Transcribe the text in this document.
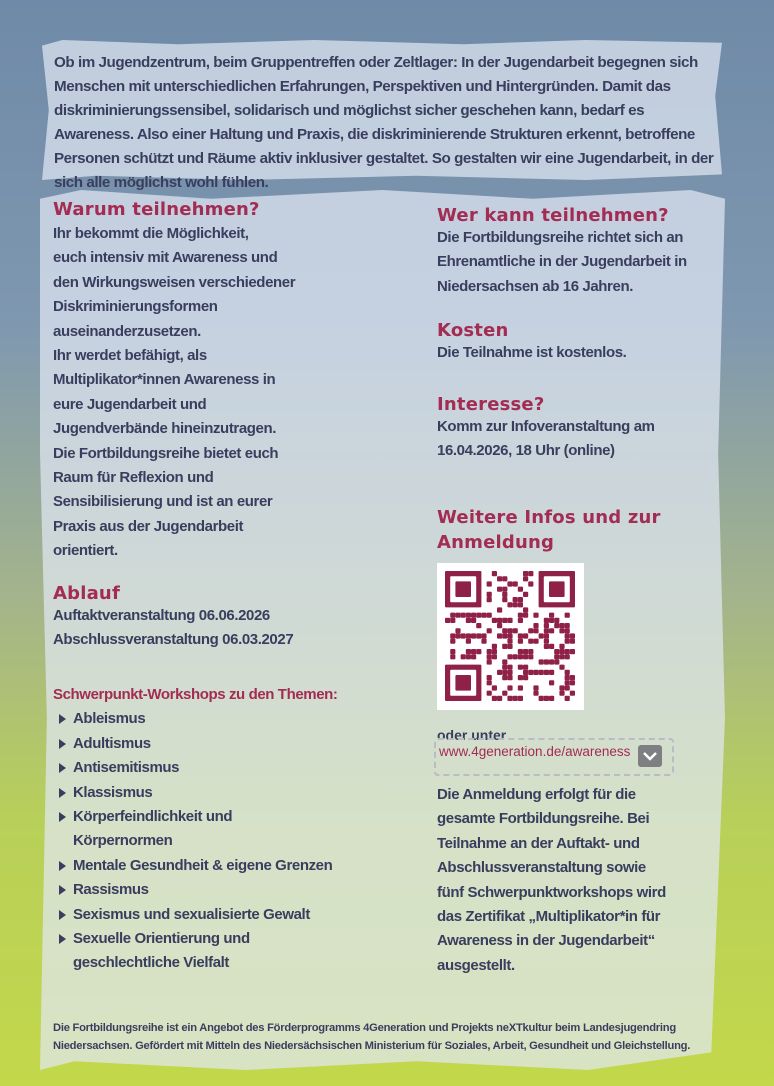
Ob im Jugendzentrum, beim Gruppentreffen oder Zeltlager: In der Jugendarbeit begegnen sich Menschen mit unterschiedlichen Erfahrungen, Perspektiven und Hintergründen. Damit das diskriminierungssensibel, solidarisch und möglichst sicher geschehen kann, bedarf es Awareness. Also einer Haltung und Praxis, die diskriminierende Strukturen erkennt, betroffene Personen schützt und Räume aktiv inklusiver gestaltet. So gestalten wir eine Jugendarbeit, in der sich alle möglichst wohl fühlen.
Warum teilnehmen?
Ihr bekommt die Möglichkeit,
euch intensiv mit Awareness und
den Wirkungsweisen verschiedener
Diskriminierungsformen
auseinanderzusetzen.
Ihr werdet befähigt, als
Multiplikator*innen Awareness in
eure Jugendarbeit und
Jugendverbände hineinzutragen.
Die Fortbildungsreihe bietet euch
Raum für Reflexion und
Sensibilisierung und ist an eurer
Praxis aus der Jugendarbeit
orientiert.
Ablauf
Auftaktveranstaltung 06.06.2026
Abschlussveranstaltung 06.03.2027
Schwerpunkt-Workshops zu den Themen:
Ableismus
Adultismus
Antisemitismus
Klassismus
Körperfeindlichkeit und
Körpernormen
Mentale Gesundheit & eigene Grenzen
Rassismus
Sexismus und sexualisierte Gewalt
Sexuelle Orientierung und
geschlechtliche Vielfalt
Wer kann teilnehmen?
Die Fortbildungsreihe richtet sich an
Ehrenamtliche in der Jugendarbeit in
Niedersachsen ab 16 Jahren.
Kosten
Die Teilnahme ist kostenlos.
Interesse?
Komm zur Infoveranstaltung am
16.04.2026, 18 Uhr (online)
Weitere Infos und zur
Anmeldung
oder unter
www.4generation.de/awareness
Die Anmeldung erfolgt für die
gesamte Fortbildungsreihe. Bei
Teilnahme an der Auftakt- und
Abschlussveranstaltung sowie
fünf Schwerpunktworkshops wird
das Zertifikat „Multiplikator*in für
Awareness in der Jugendarbeit“
ausgestellt.
Die Fortbildungsreihe ist ein Angebot des Förderprogramms 4Generation und Projekts neXTkultur beim Landesjugendring Niedersachsen. Gefördert mit Mitteln des Niedersächsischen Ministerium für Soziales, Arbeit, Gesundheit und Gleichstellung.
